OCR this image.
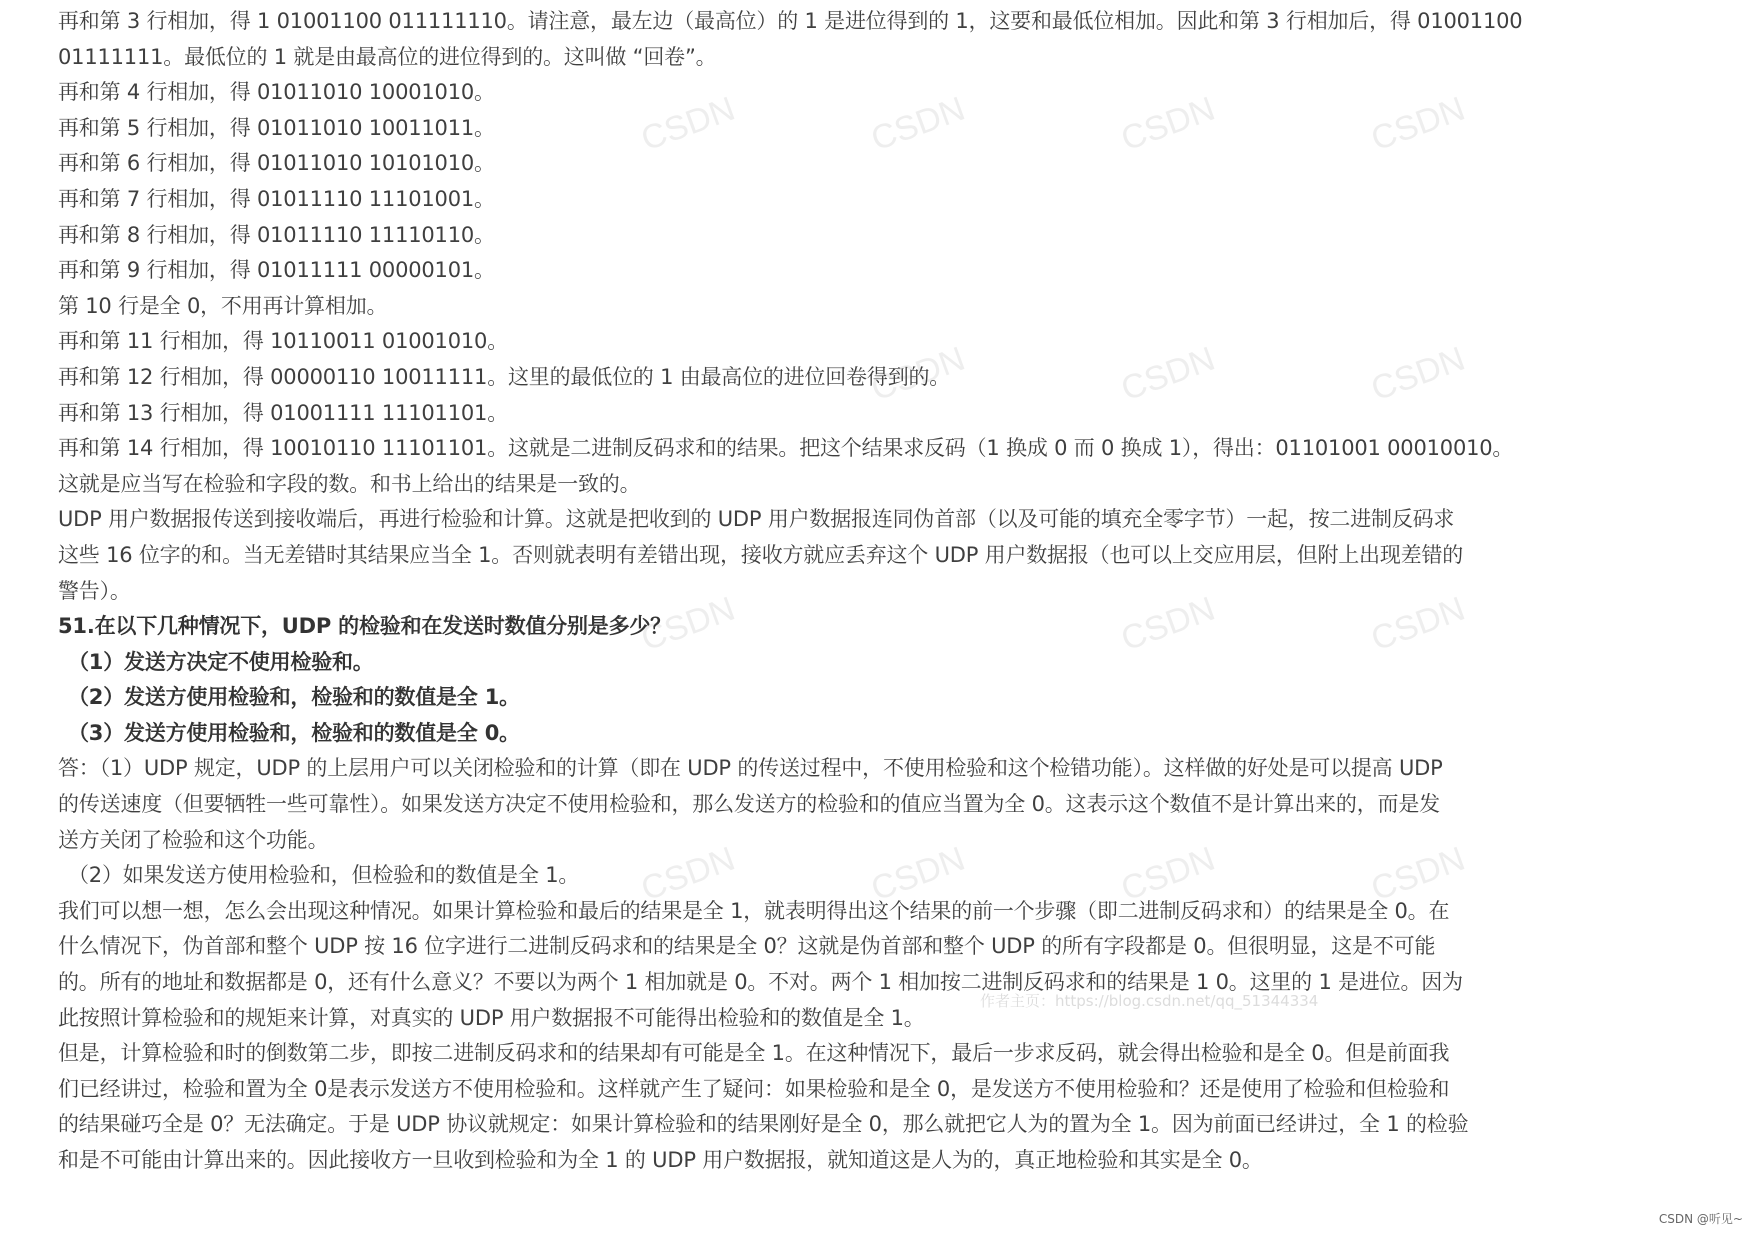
CSDN	CSDN	CSDN	CSDN
CSDN	CSDN	CSDN
CSDN	CSDN	CSDN
CSDN	CSDN	CSDN	CSDN
作者主页：https://blog.csdn.net/qq_51344334
再和第 3 行相加，得 1 01001100 011111110。请注意，最左边（最高位）的 1 是进位得到的 1，这要和最低位相加。因此和第 3 行相加后，得 01001100
01111111。最低位的 1 就是由最高位的进位得到的。这叫做 “回卷”。
再和第 4 行相加，得 01011010 10001010。
再和第 5 行相加，得 01011010 10011011。
再和第 6 行相加，得 01011010 10101010。
再和第 7 行相加，得 01011110 11101001。
再和第 8 行相加，得 01011110 11110110。
再和第 9 行相加，得 01011111 00000101。
第 10 行是全 0，不用再计算相加。
再和第 11 行相加，得 10110011 01001010。
再和第 12 行相加，得 00000110 10011111。这里的最低位的 1 由最高位的进位回卷得到的。
再和第 13 行相加，得 01001111 11101101。
再和第 14 行相加，得 10010110 11101101。这就是二进制反码求和的结果。把这个结果求反码（1 换成 0 而 0 换成 1），得出：01101001 00010010。
这就是应当写在检验和字段的数。和书上给出的结果是一致的。
UDP 用户数据报传送到接收端后，再进行检验和计算。这就是把收到的 UDP 用户数据报连同伪首部（以及可能的填充全零字节）一起，按二进制反码求
这些 16 位字的和。当无差错时其结果应当全 1。否则就表明有差错出现，接收方就应丢弃这个 UDP 用户数据报（也可以上交应用层，但附上出现差错的
警告）。
51.在以下几种情况下，UDP 的检验和在发送时数值分别是多少？
（1）发送方决定不使用检验和。
（2）发送方使用检验和，检验和的数值是全 1。
（3）发送方使用检验和，检验和的数值是全 0。
答：（1）UDP 规定，UDP 的上层用户可以关闭检验和的计算（即在 UDP 的传送过程中，不使用检验和这个检错功能）。这样做的好处是可以提高 UDP
的传送速度（但要牺牲一些可靠性）。如果发送方决定不使用检验和，那么发送方的检验和的值应当置为全 0。这表示这个数值不是计算出来的，而是发
送方关闭了检验和这个功能。
（2）如果发送方使用检验和，但检验和的数值是全 1。
我们可以想一想，怎么会出现这种情况。如果计算检验和最后的结果是全 1，就表明得出这个结果的前一个步骤（即二进制反码求和）的结果是全 0。在
什么情况下，伪首部和整个 UDP 按 16 位字进行二进制反码求和的结果是全 0？这就是伪首部和整个 UDP 的所有字段都是 0。但很明显，这是不可能
的。所有的地址和数据都是 0，还有什么意义？不要以为两个 1 相加就是 0。不对。两个 1 相加按二进制反码求和的结果是 1 0。这里的 1 是进位。因为
此按照计算检验和的规矩来计算，对真实的 UDP 用户数据报不可能得出检验和的数值是全 1。
但是，计算检验和时的倒数第二步，即按二进制反码求和的结果却有可能是全 1。在这种情况下，最后一步求反码，就会得出检验和是全 0。但是前面我
们已经讲过，检验和置为全 0是表示发送方不使用检验和。这样就产生了疑问：如果检验和是全 0，是发送方不使用检验和？还是使用了检验和但检验和
的结果碰巧全是 0？无法确定。于是 UDP 协议就规定：如果计算检验和的结果刚好是全 0，那么就把它人为的置为全 1。因为前面已经讲过，全 1 的检验
和是不可能由计算出来的。因此接收方一旦收到检验和为全 1 的 UDP 用户数据报，就知道这是人为的，真正地检验和其实是全 0。
CSDN @听见~
